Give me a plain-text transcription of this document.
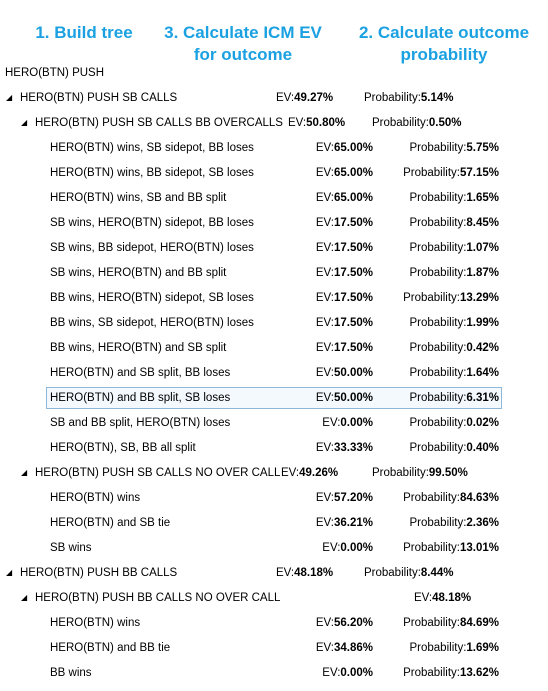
1. Build tree	3. Calculate ICM EV
for outcome
2. Calculate outcome
probability
HERO(BTN) PUSH
◢ HERO(BTN) PUSH SB CALLS	EV:49.27%	Probability:5.14%
◢ HERO(BTN) PUSH SB CALLS BB OVERCALLS EV:50.80% Probability:0.50%
HERO(BTN) wins, SB sidepot, BB loses	EV:65.00%	Probability:5.75%
HERO(BTN) wins, BB sidepot, SB loses	EV:65.00%	Probability:57.15%
HERO(BTN) wins, SB and BB split	EV:65.00%	Probability:1.65%
SB wins, HERO(BTN) sidepot, BB loses	EV:17.50%	Probability:8.45%
SB wins, BB sidepot, HERO(BTN) loses	EV:17.50%	Probability:1.07%
SB wins, HERO(BTN) and BB split	EV:17.50%	Probability:1.87%
BB wins, HERO(BTN) sidepot, SB loses	EV:17.50%	Probability:13.29%
BB wins, SB sidepot, HERO(BTN) loses	EV:17.50%	Probability:1.99%
BB wins, HERO(BTN) and SB split	EV:17.50%	Probability:0.42%
HERO(BTN) and SB split, BB loses	EV:50.00%	Probability:1.64%
HERO(BTN) and BB split, SB loses	EV:50.00%	Probability:6.31%
SB and BB split, HERO(BTN) loses	EV:0.00%	Probability:0.02%
HERO(BTN), SB, BB all split	EV:33.33%	Probability:0.40%
◢ HERO(BTN) PUSH SB CALLS NO OVER CALL EV:49.26%	Probability:99.50%
HERO(BTN) wins	EV:57.20%	Probability:84.63%
HERO(BTN) and SB tie	EV:36.21%	Probability:2.36%
SB wins	EV:0.00%	Probability:13.01%
◢ HERO(BTN) PUSH BB CALLS	EV:48.18%	Probability:8.44%
◢ HERO(BTN) PUSH BB CALLS NO OVER CALL	EV:48.18%
HERO(BTN) wins	EV:56.20%	Probability:84.69%
HERO(BTN) and BB tie	EV:34.86%	Probability:1.69%
BB wins	EV:0.00%	Probability:13.62%
